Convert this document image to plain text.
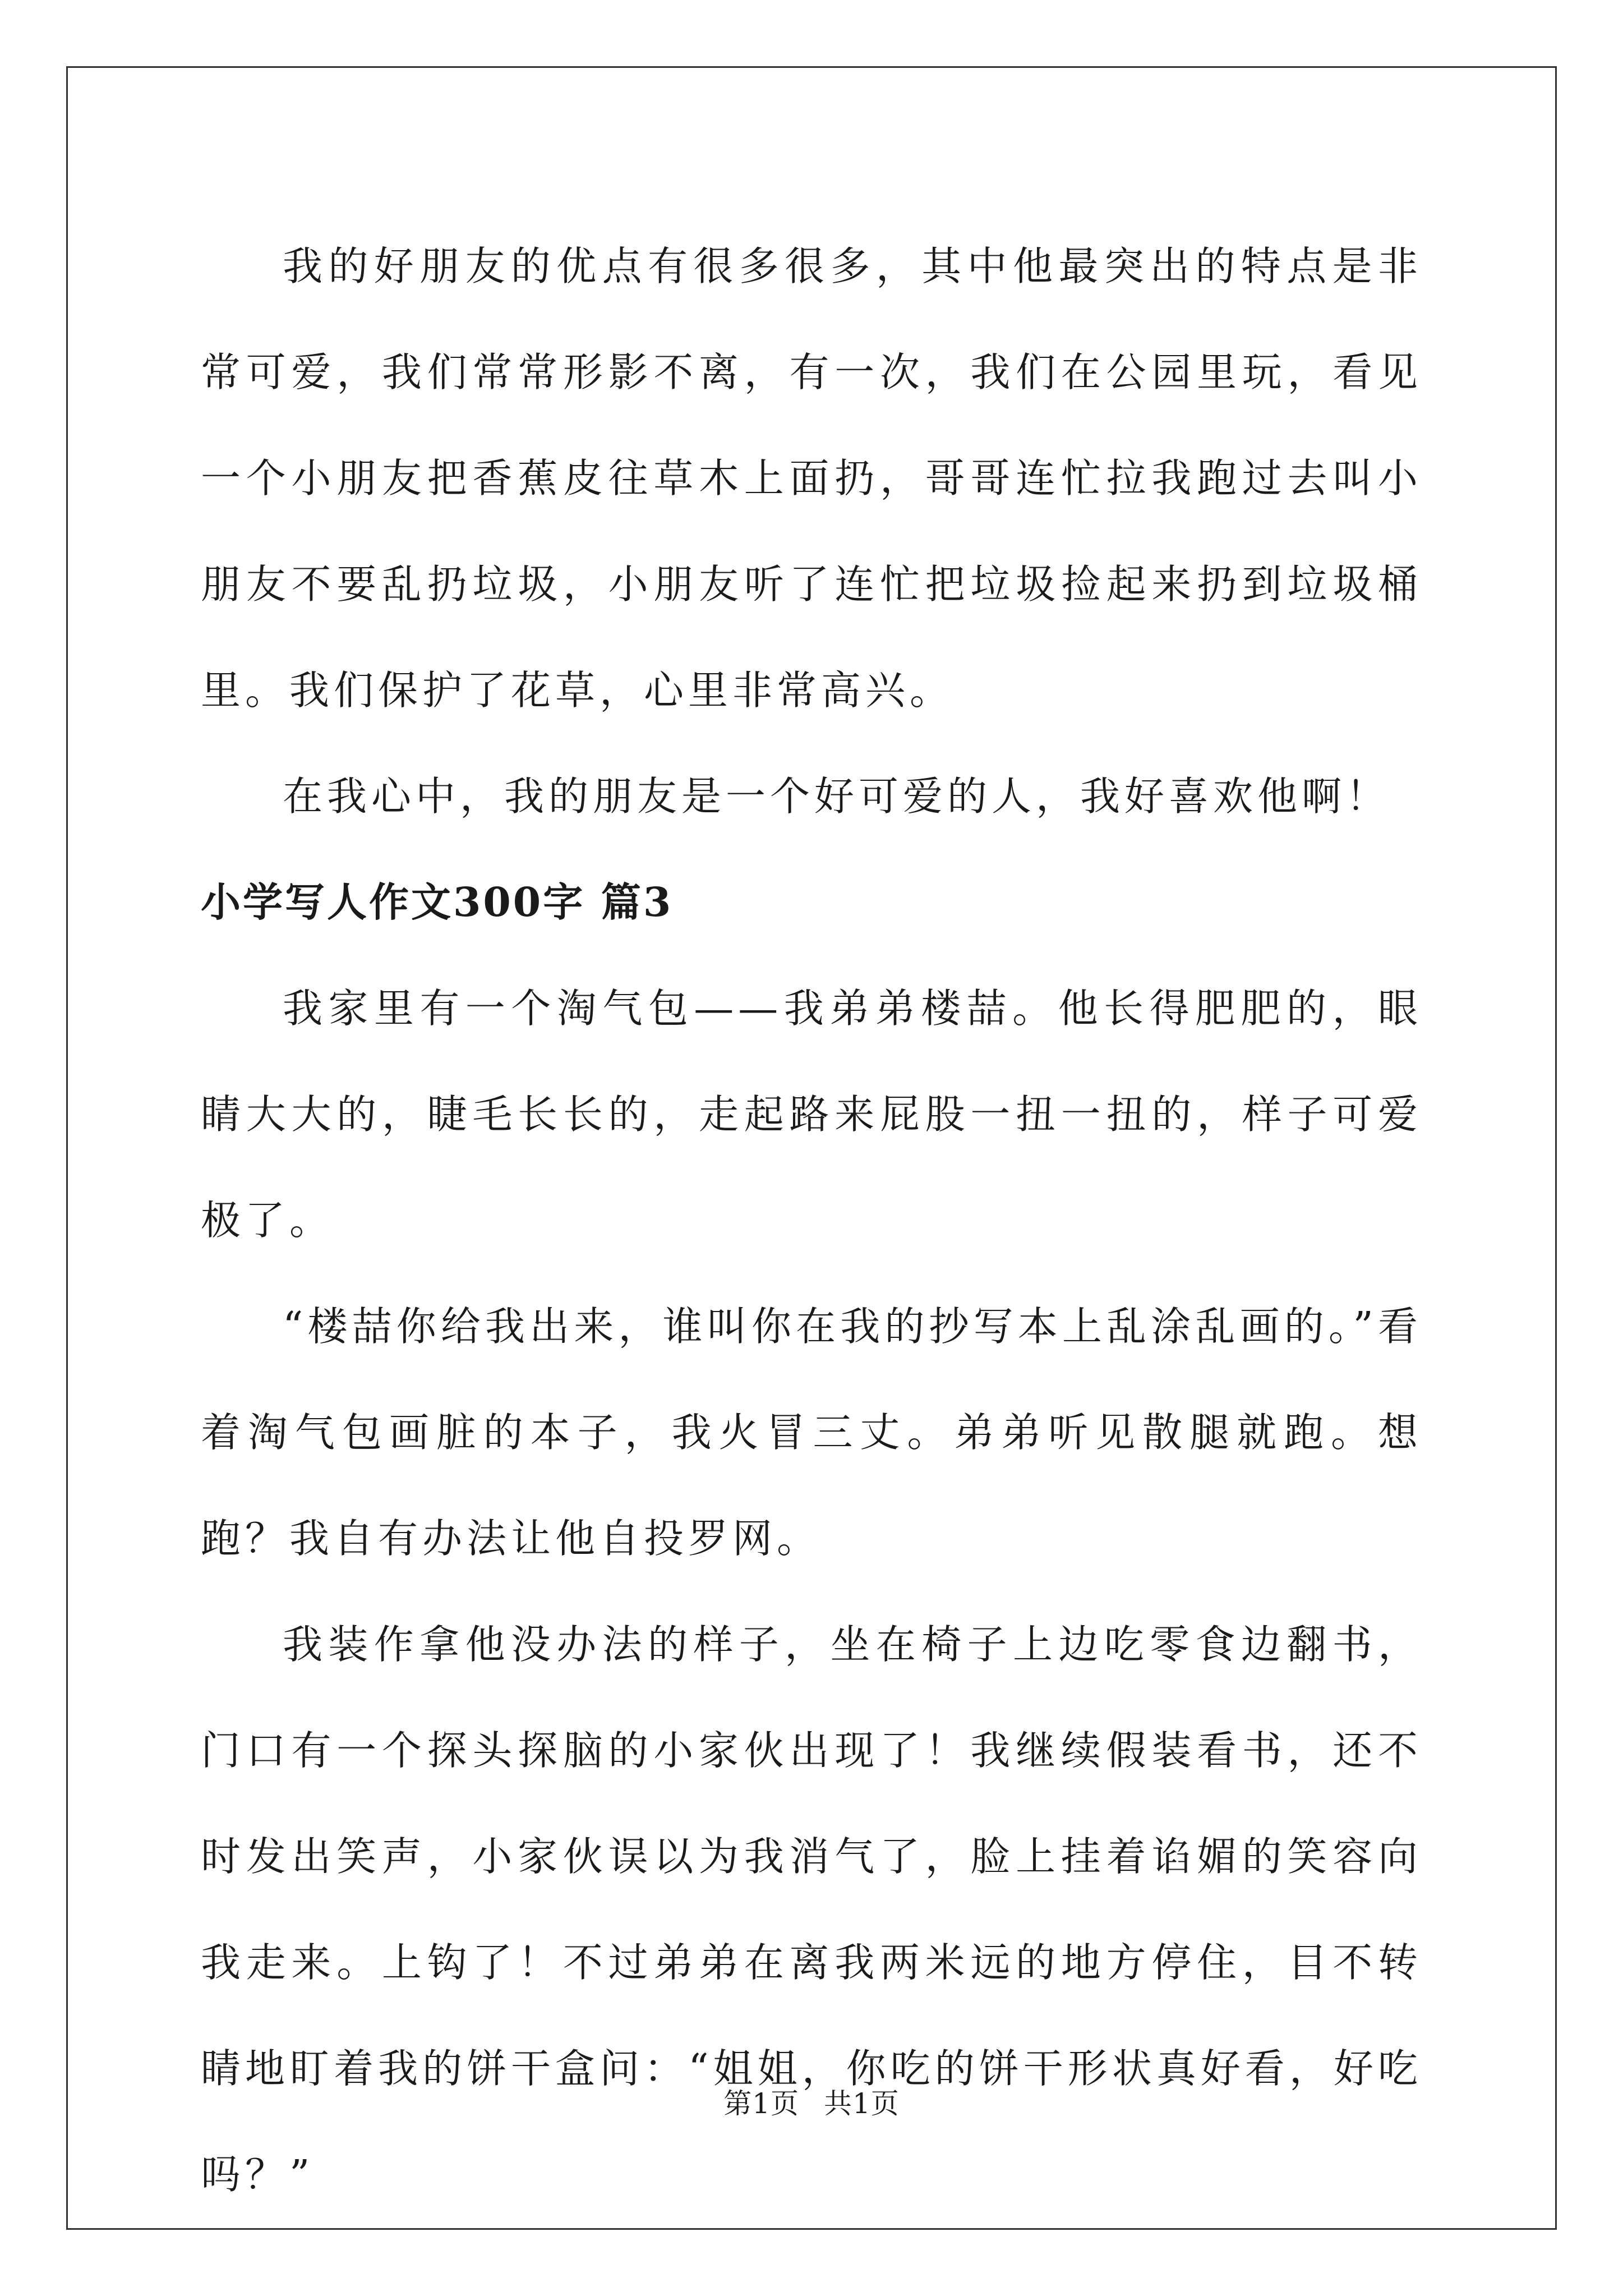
我的好朋友的优点有很多很多，其中他最突出的特点是非常可爱，我们常常形影不离，有一次，我们在公园里玩，看见一个小朋友把香蕉皮往草木上面扔，哥哥连忙拉我跑过去叫小朋友不要乱扔垃圾，小朋友听了连忙把垃圾捡起来扔到垃圾桶里。我们保护了花草，心里非常高兴。

在我心中，我的朋友是一个好可爱的人，我好喜欢他啊！

小学写人作文300字 篇3

我家里有一个淘气包——我弟弟楼喆。他长得肥肥的，眼睛大大的，睫毛长长的，走起路来屁股一扭一扭的，样子可爱极了。

“楼喆你给我出来，谁叫你在我的抄写本上乱涂乱画的。”看着淘气包画脏的本子，我火冒三丈。弟弟听见散腿就跑。想跑？我自有办法让他自投罗网。

我装作拿他没办法的样子，坐在椅子上边吃零食边翻书，门口有一个探头探脑的小家伙出现了！我继续假装看书，还不时发出笑声，小家伙误以为我消气了，脸上挂着谄媚的笑容向我走来。上钩了！不过弟弟在离我两米远的地方停住，目不转睛地盯着我的饼干盒问：“姐姐，你吃的饼干形状真好看，好吃吗？”

第1页 共1页
